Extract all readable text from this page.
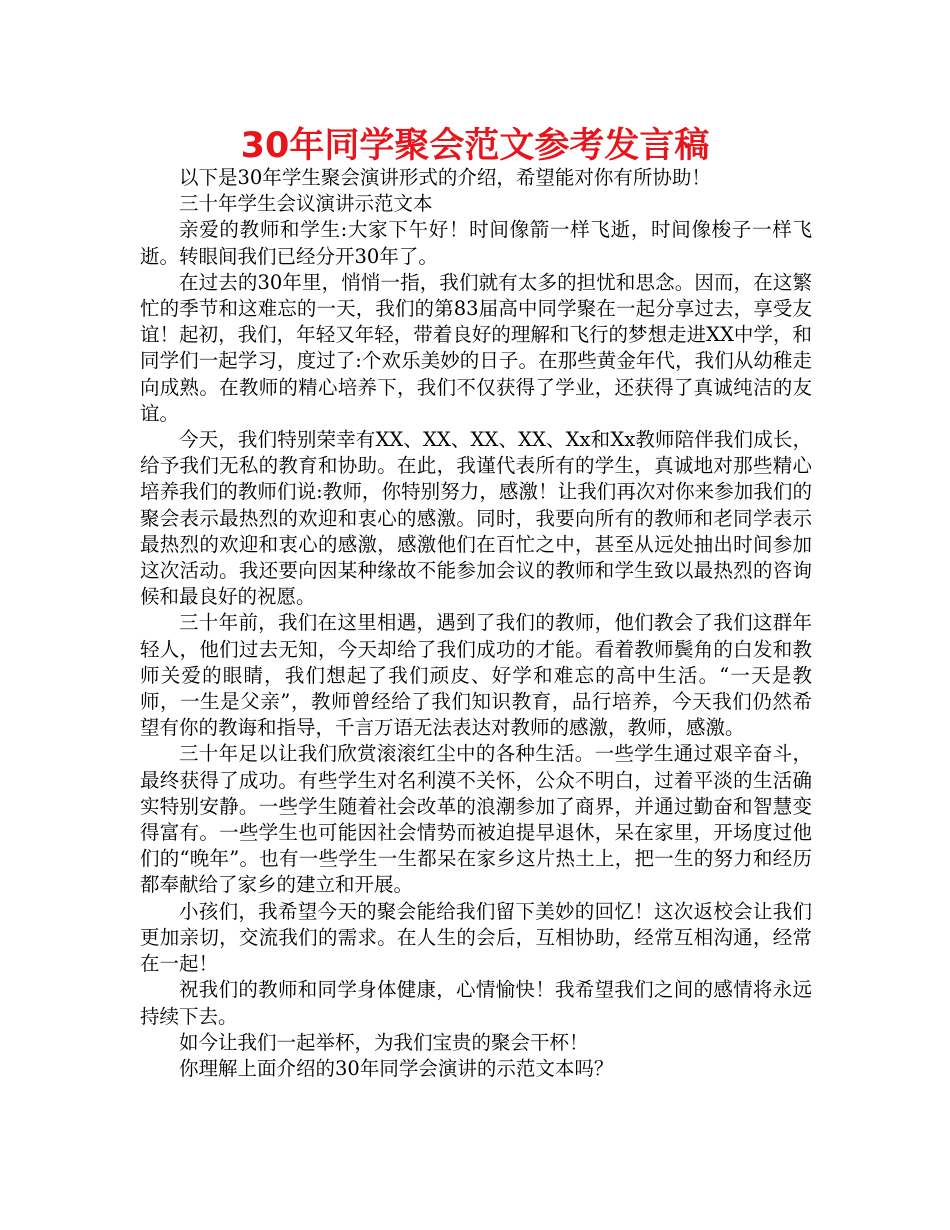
30年同学聚会范文参考发言稿

以下是30年学生聚会演讲形式的介绍，希望能对你有所协助！

三十年学生会议演讲示范文本

亲爱的教师和学生:大家下午好！时间像箭一样飞逝，时间像梭子一样飞逝。转眼间我们已经分开30年了。

在过去的30年里，悄悄一指，我们就有太多的担忧和思念。因而，在这繁忙的季节和这难忘的一天，我们的第83届高中同学聚在一起分享过去，享受友谊！起初，我们，年轻又年轻，带着良好的理解和飞行的梦想走进XX中学，和同学们一起学习，度过了:个欢乐美妙的日子。在那些黄金年代，我们从幼稚走向成熟。在教师的精心培养下，我们不仅获得了学业，还获得了真诚纯洁的友谊。

今天，我们特别荣幸有XX、XX、XX、XX、Xx和Xx教师陪伴我们成长，给予我们无私的教育和协助。在此，我谨代表所有的学生，真诚地对那些精心培养我们的教师们说:教师，你特别努力，感激！让我们再次对你来参加我们的聚会表示最热烈的欢迎和衷心的感激。同时，我要向所有的教师和老同学表示最热烈的欢迎和衷心的感激，感激他们在百忙之中，甚至从远处抽出时间参加这次活动。我还要向因某种缘故不能参加会议的教师和学生致以最热烈的咨询候和最良好的祝愿。

三十年前，我们在这里相遇，遇到了我们的教师，他们教会了我们这群年轻人，他们过去无知，今天却给了我们成功的才能。看着教师鬓角的白发和教师关爱的眼睛，我们想起了我们顽皮、好学和难忘的高中生活。“一天是教师，一生是父亲”，教师曾经给了我们知识教育，品行培养，今天我们仍然希望有你的教诲和指导，千言万语无法表达对教师的感激，教师，感激。

三十年足以让我们欣赏滚滚红尘中的各种生活。一些学生通过艰辛奋斗，最终获得了成功。有些学生对名利漠不关怀，公众不明白，过着平淡的生活确实特别安静。一些学生随着社会改革的浪潮参加了商界，并通过勤奋和智慧变得富有。一些学生也可能因社会情势而被迫提早退休，呆在家里，开场度过他们的“晚年”。也有一些学生一生都呆在家乡这片热土上，把一生的努力和经历都奉献给了家乡的建立和开展。

小孩们，我希望今天的聚会能给我们留下美妙的回忆！这次返校会让我们更加亲切，交流我们的需求。在人生的会后，互相协助，经常互相沟通，经常在一起！

祝我们的教师和同学身体健康，心情愉快！我希望我们之间的感情将永远持续下去。

如今让我们一起举杯，为我们宝贵的聚会干杯！

你理解上面介绍的30年同学会演讲的示范文本吗？
